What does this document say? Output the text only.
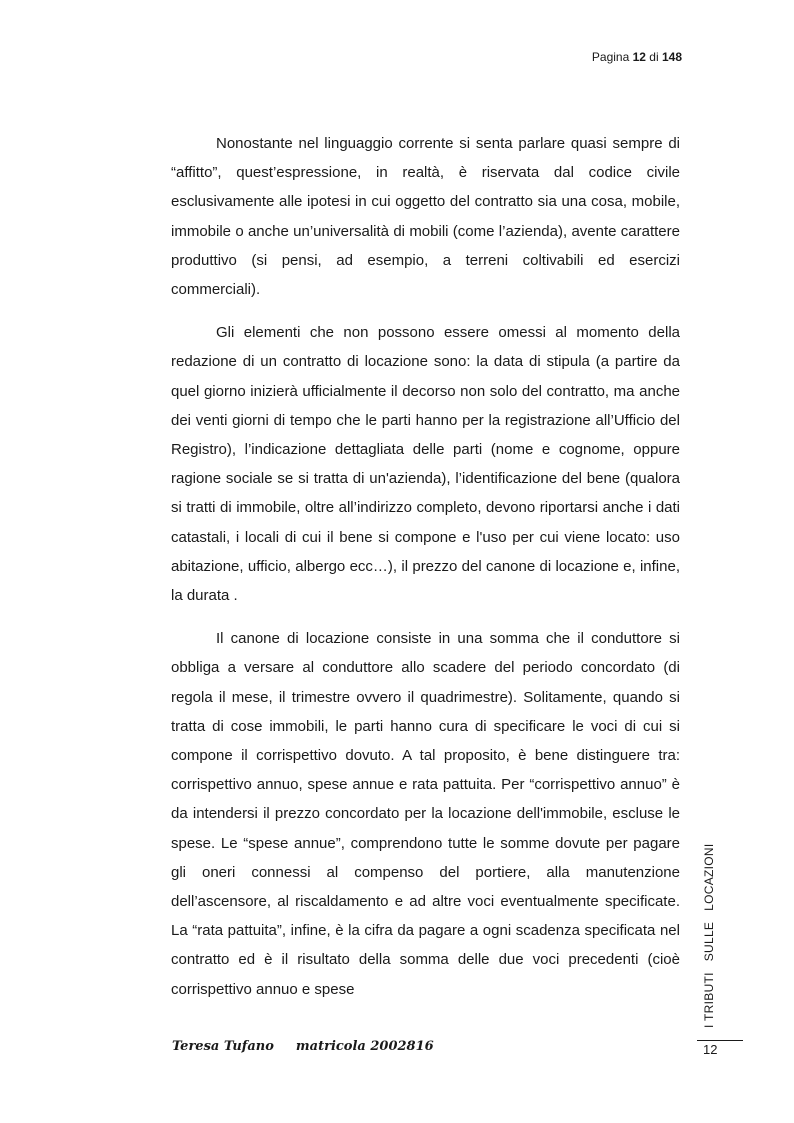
Pagina 12 di 148

Nonostante nel linguaggio corrente si senta parlare quasi sempre di “affitto”, quest’espressione, in realtà, è riservata dal codice civile esclusivamente alle ipotesi in cui oggetto del contratto sia una cosa, mobile, immobile o anche un’universalità di mobili (come l’azienda), avente carattere produttivo (si pensi, ad esempio, a terreni coltivabili ed esercizi commerciali).

Gli elementi che non possono essere omessi al momento della redazione di un contratto di locazione sono: la data di stipula (a partire da quel giorno inizierà ufficialmente il decorso non solo del contratto, ma anche dei venti giorni di tempo che le parti hanno per la registrazione all’Ufficio del Registro), l’indicazione dettagliata delle parti (nome e cognome, oppure ragione sociale se si tratta di un'azienda), l’identificazione del bene (qualora si tratti di immobile, oltre all’indirizzo completo, devono riportarsi anche i dati catastali, i locali di cui il bene si compone e l'uso per cui viene locato: uso abitazione, ufficio, albergo ecc…), il prezzo del canone di locazione e, infine, la durata .

Il canone di locazione consiste in una somma che il conduttore si obbliga a versare al conduttore allo scadere del periodo concordato (di regola il mese, il trimestre ovvero il quadrimestre). Solitamente, quando si tratta di cose immobili, le parti hanno cura di specificare le voci di cui si compone il corrispettivo dovuto. A tal proposito, è bene distinguere tra: corrispettivo annuo, spese annue e rata pattuita. Per “corrispettivo annuo” è da intendersi il prezzo concordato per la locazione dell'immobile, escluse le spese. Le “spese annue”, comprendono tutte le somme dovute per pagare gli oneri connessi al compenso del portiere, alla manutenzione dell’ascensore, al riscaldamento e ad altre voci eventualmente specificate. La “rata pattuita”, infine, è la cifra da pagare a ogni scadenza specificata nel contratto ed è il risultato della somma delle due voci precedenti (cioè corrispettivo annuo e spese	I TRIBUTI   SULLE   LOCAZIONI
12
Teresa Tufano matricola 2002816
